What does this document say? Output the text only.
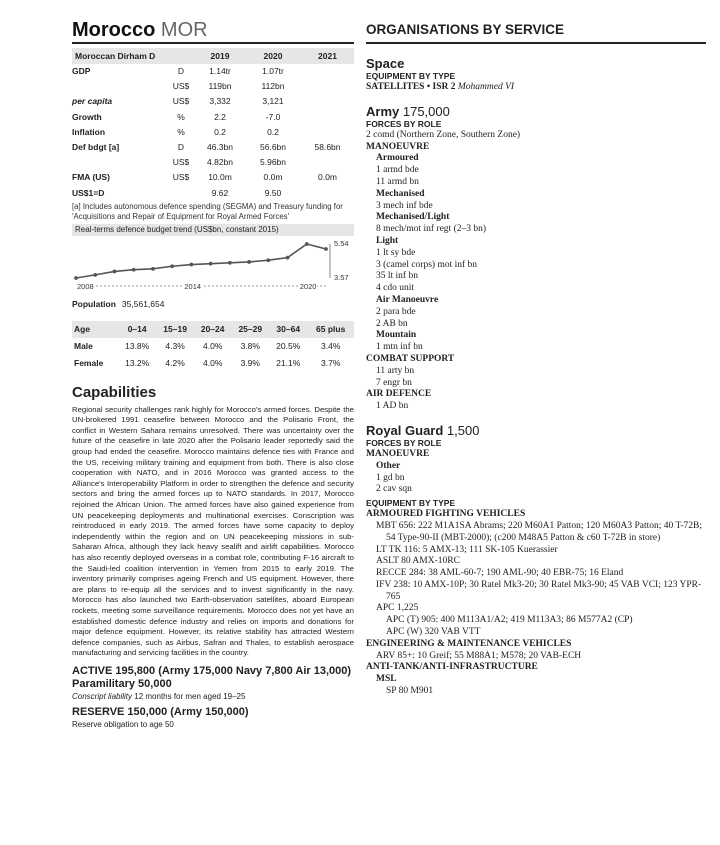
Morocco MOR
Moroccan Dirham D		2019	2020	2021
GDP	D	1.14tr	1.07tr	
	US$	119bn	112bn	
per capita	US$	3,332	3,121	
Growth	%	2.2	-7.0	
Inflation	%	0.2	0.2	
Def bdgt [a]	D	46.3bn	56.6bn	58.6bn
	US$	4.82bn	5.96bn	
FMA (US)	US$	10.0m	0.0m	0.0m
US$1=D		9.62	9.50	
[a] Includes autonomous defence spending (SEGMA) and Treasury funding for 'Acquisitions and Repair of Equipment for Royal Armed Forces'
Real-terms defence budget trend (US$bn, constant 2015)
5.54
3.57
2008	2014	2020
Population 35,561,654
Age	0–14	15–19	20–24	25–29	30–64	65 plus
Male	13.8%	4.3%	4.0%	3.8%	20.5%	3.4%
Female	13.2%	4.2%	4.0%	3.9%	21.1%	3.7%
Capabilities
Regional security challenges rank highly for Morocco's armed forces. Despite the UN-brokered 1991 ceasefire between Morocco and the Polisario Front, the conflict in Western Sahara remains unresolved. There was uncertainty over the future of the ceasefire in late 2020 after the Polisario leader reportedly said the group had ended the ceasefire. Morocco maintains defence ties with France and the US, receiving military training and equipment from both. There is also close cooperation with NATO, and in 2016 Morocco was granted access to the Alliance's Interoperability Platform in order to strengthen the defence and security sectors and bring the armed forces up to NATO standards. In 2017, Morocco rejoined the African Union. The armed forces have also gained experience from UN peacekeeping deployments and multinational exercises. Conscription was reintroduced in early 2019. The armed forces have some capacity to deploy independently within the region and on UN peacekeeping missions in sub-Saharan Africa, although they lack heavy sealift and airlift capabilities. Morocco has also recently deployed overseas in a combat role, contributing F-16 aircraft to the Saudi-led coalition intervention in Yemen from 2015 to early 2019. The inventory primarily comprises ageing French and US equipment. However, there are plans to re-equip all the services and to invest significantly in the navy. Morocco has also launched two Earth-observation satellites, aboard European rockets, meeting some surveillance requirements. Morocco does not yet have an established domestic defence industry and relies on imports and donations for major defence equipment. However, its relative stability has attracted Western defence companies, such as Airbus, Safran and Thales, to establish aerospace manufacturing and servicing facilities in the country.
ACTIVE 195,800 (Army 175,000 Navy 7,800 Air 13,000) Paramilitary 50,000
Conscript liability 12 months for men aged 19–25
RESERVE 150,000 (Army 150,000)
Reserve obligation to age 50
ORGANISATIONS BY SERVICE
Space
EQUIPMENT BY TYPE
SATELLITES • ISR 2 Mohammed VI
Army 175,000
FORCES BY ROLE
2 comd (Northern Zone, Southern Zone)
MANOEUVRE
Armoured
1 armd bde
11 armd bn
Mechanised
3 mech inf bde
Mechanised/Light
8 mech/mot inf regt (2–3 bn)
Light
1 lt sy bde
3 (camel corps) mot inf bn
35 lt inf bn
4 cdo unit
Air Manoeuvre
2 para bde
2 AB bn
Mountain
1 mtn inf bn
COMBAT SUPPORT
11 arty bn
7 engr bn
AIR DEFENCE
1 AD bn
Royal Guard 1,500
FORCES BY ROLE
MANOEUVRE
Other
1 gd bn
2 cav sqn
EQUIPMENT BY TYPE
ARMOURED FIGHTING VEHICLES
MBT 656: 222 M1A1SA Abrams; 220 M60A1 Patton; 120 M60A3 Patton; 40 T-72B; 54 Type-90-II (MBT-2000); (c200 M48A5 Patton & c60 T-72B in store)
LT TK 116: 5 AMX-13; 111 SK-105 Kuerassier
ASLT 80 AMX-10RC
RECCE 284: 38 AML-60-7; 190 AML-90; 40 EBR-75; 16 Eland
IFV 238: 10 AMX-10P; 30 Ratel Mk3-20; 30 Ratel Mk3-90; 45 VAB VCI; 123 YPR-765
APC 1,225
APC (T) 905: 400 M113A1/A2; 419 M113A3; 86 M577A2 (CP)
APC (W) 320 VAB VTT
ENGINEERING & MAINTENANCE VEHICLES
ARV 85+: 10 Greif; 55 M88A1; M578; 20 VAB-ECH
ANTI-TANK/ANTI-INFRASTRUCTURE
MSL
SP 80 M901
